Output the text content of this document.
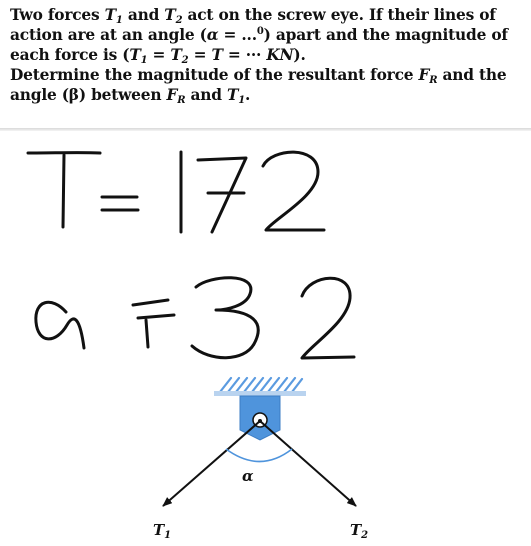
Two forces $T_1$ and $T_2$ act on the screw eye. If their lines of
action are at an angle (α = ...$^0$) apart and the magnitude of
each force is ($T_1 = T_2 = T$ = ··· KN).
Determine the magnitude of the resultant force $F_R$ and the
angle (β) between $F_R$ and $T_1$.
α
$T_1$	$T_2$
